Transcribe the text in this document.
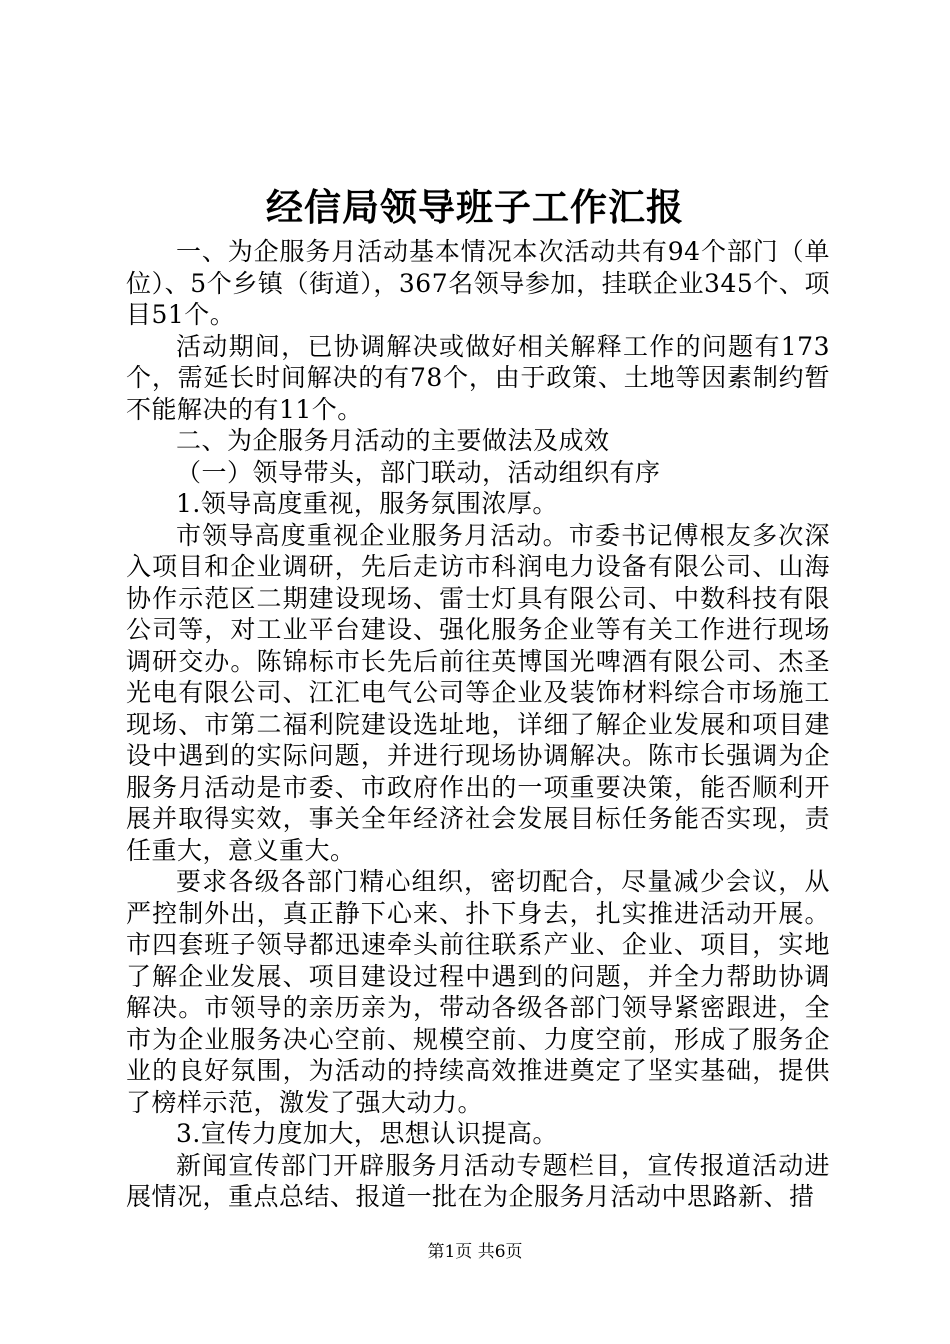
经信局领导班子工作汇报

一、为企服务月活动基本情况本次活动共有94个部门（单位）、5个乡镇（街道），367名领导参加，挂联企业345个、项目51个。

活动期间，已协调解决或做好相关解释工作的问题有173个，需延长时间解决的有78个，由于政策、土地等因素制约暂不能解决的有11个。

二、为企服务月活动的主要做法及成效

（一）领导带头，部门联动，活动组织有序

1.领导高度重视，服务氛围浓厚。

市领导高度重视企业服务月活动。市委书记傅根友多次深入项目和企业调研，先后走访市科润电力设备有限公司、山海协作示范区二期建设现场、雷士灯具有限公司、中数科技有限公司等，对工业平台建设、强化服务企业等有关工作进行现场调研交办。陈锦标市长先后前往英博国光啤酒有限公司、杰圣光电有限公司、江汇电气公司等企业及装饰材料综合市场施工现场、市第二福利院建设选址地，详细了解企业发展和项目建设中遇到的实际问题，并进行现场协调解决。陈市长强调为企服务月活动是市委、市政府作出的一项重要决策，能否顺利开展并取得实效，事关全年经济社会发展目标任务能否实现，责任重大，意义重大。

要求各级各部门精心组织，密切配合，尽量减少会议，从严控制外出，真正静下心来、扑下身去，扎实推进活动开展。市四套班子领导都迅速牵头前往联系产业、企业、项目，实地了解企业发展、项目建设过程中遇到的问题，并全力帮助协调解决。市领导的亲历亲为，带动各级各部门领导紧密跟进，全市为企业服务决心空前、规模空前、力度空前，形成了服务企业的良好氛围，为活动的持续高效推进奠定了坚实基础，提供了榜样示范，激发了强大动力。

3.宣传力度加大，思想认识提高。

新闻宣传部门开辟服务月活动专题栏目，宣传报道活动进展情况，重点总结、报道一批在为企服务月活动中思路新、措

第1页 共6页
